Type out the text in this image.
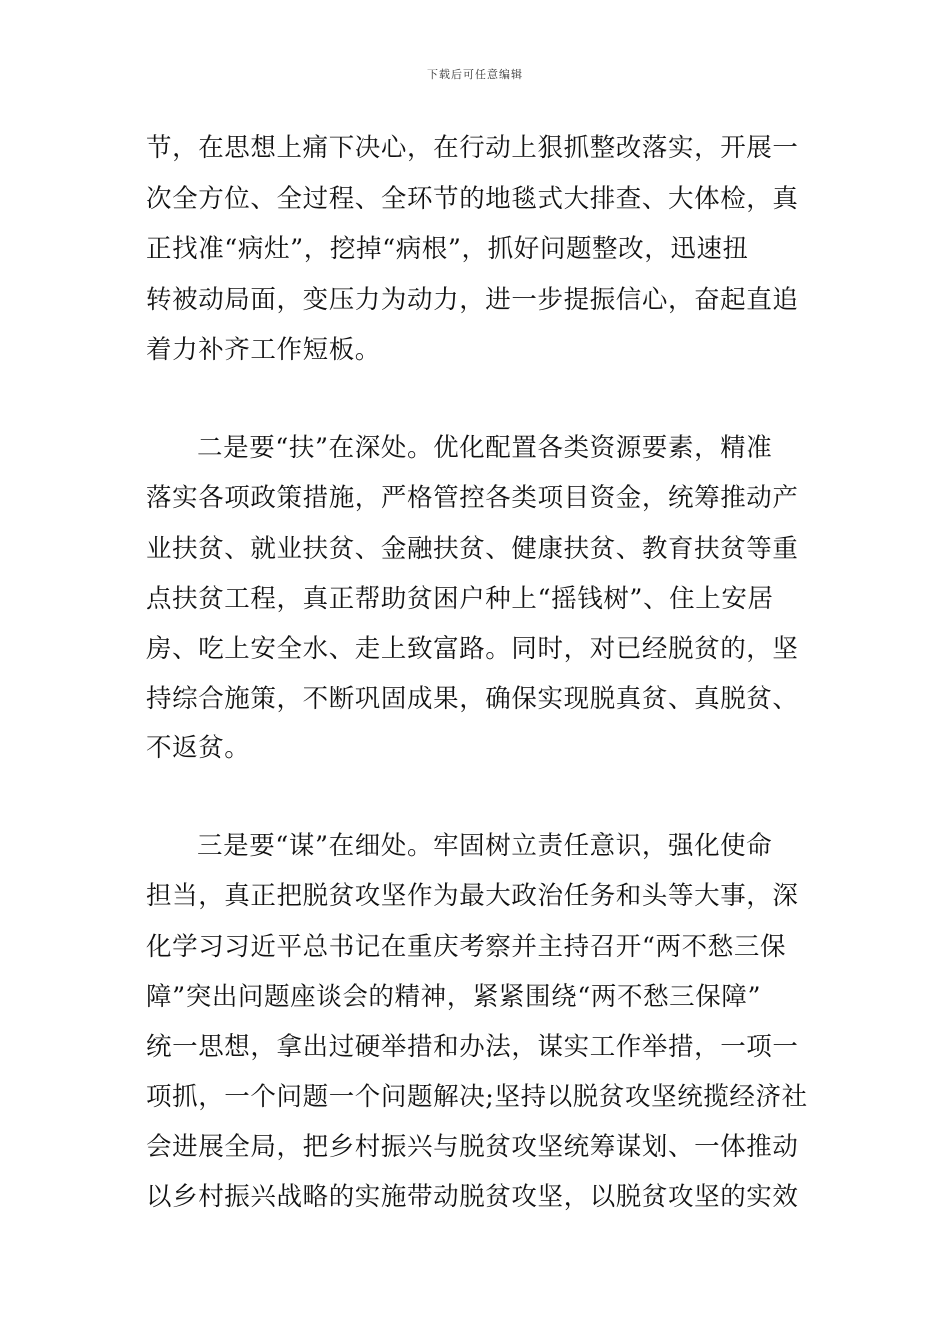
下载后可任意编辑
节，在思想上痛下决心，在行动上狠抓整改落实，开展一
次全方位、全过程、全环节的地毯式大排查、大体检，真
正找准“病灶”，挖掉“病根”，抓好问题整改，迅速扭
转被动局面，变压力为动力，进一步提振信心，奋起直追
着力补齐工作短板。
二是要“扶”在深处。优化配置各类资源要素，精准
落实各项政策措施，严格管控各类项目资金，统筹推动产
业扶贫、就业扶贫、金融扶贫、健康扶贫、教育扶贫等重
点扶贫工程，真正帮助贫困户种上“摇钱树”、住上安居
房、吃上安全水、走上致富路。同时，对已经脱贫的，坚
持综合施策，不断巩固成果，确保实现脱真贫、真脱贫、
不返贫。
三是要“谋”在细处。牢固树立责任意识，强化使命
担当，真正把脱贫攻坚作为最大政治任务和头等大事，深
化学习习近平总书记在重庆考察并主持召开“两不愁三保
障”突出问题座谈会的精神，紧紧围绕“两不愁三保障”
统一思想，拿出过硬举措和办法，谋实工作举措，一项一
项抓，一个问题一个问题解决;坚持以脱贫攻坚统揽经济社
会进展全局，把乡村振兴与脱贫攻坚统筹谋划、一体推动
以乡村振兴战略的实施带动脱贫攻坚，以脱贫攻坚的实效
